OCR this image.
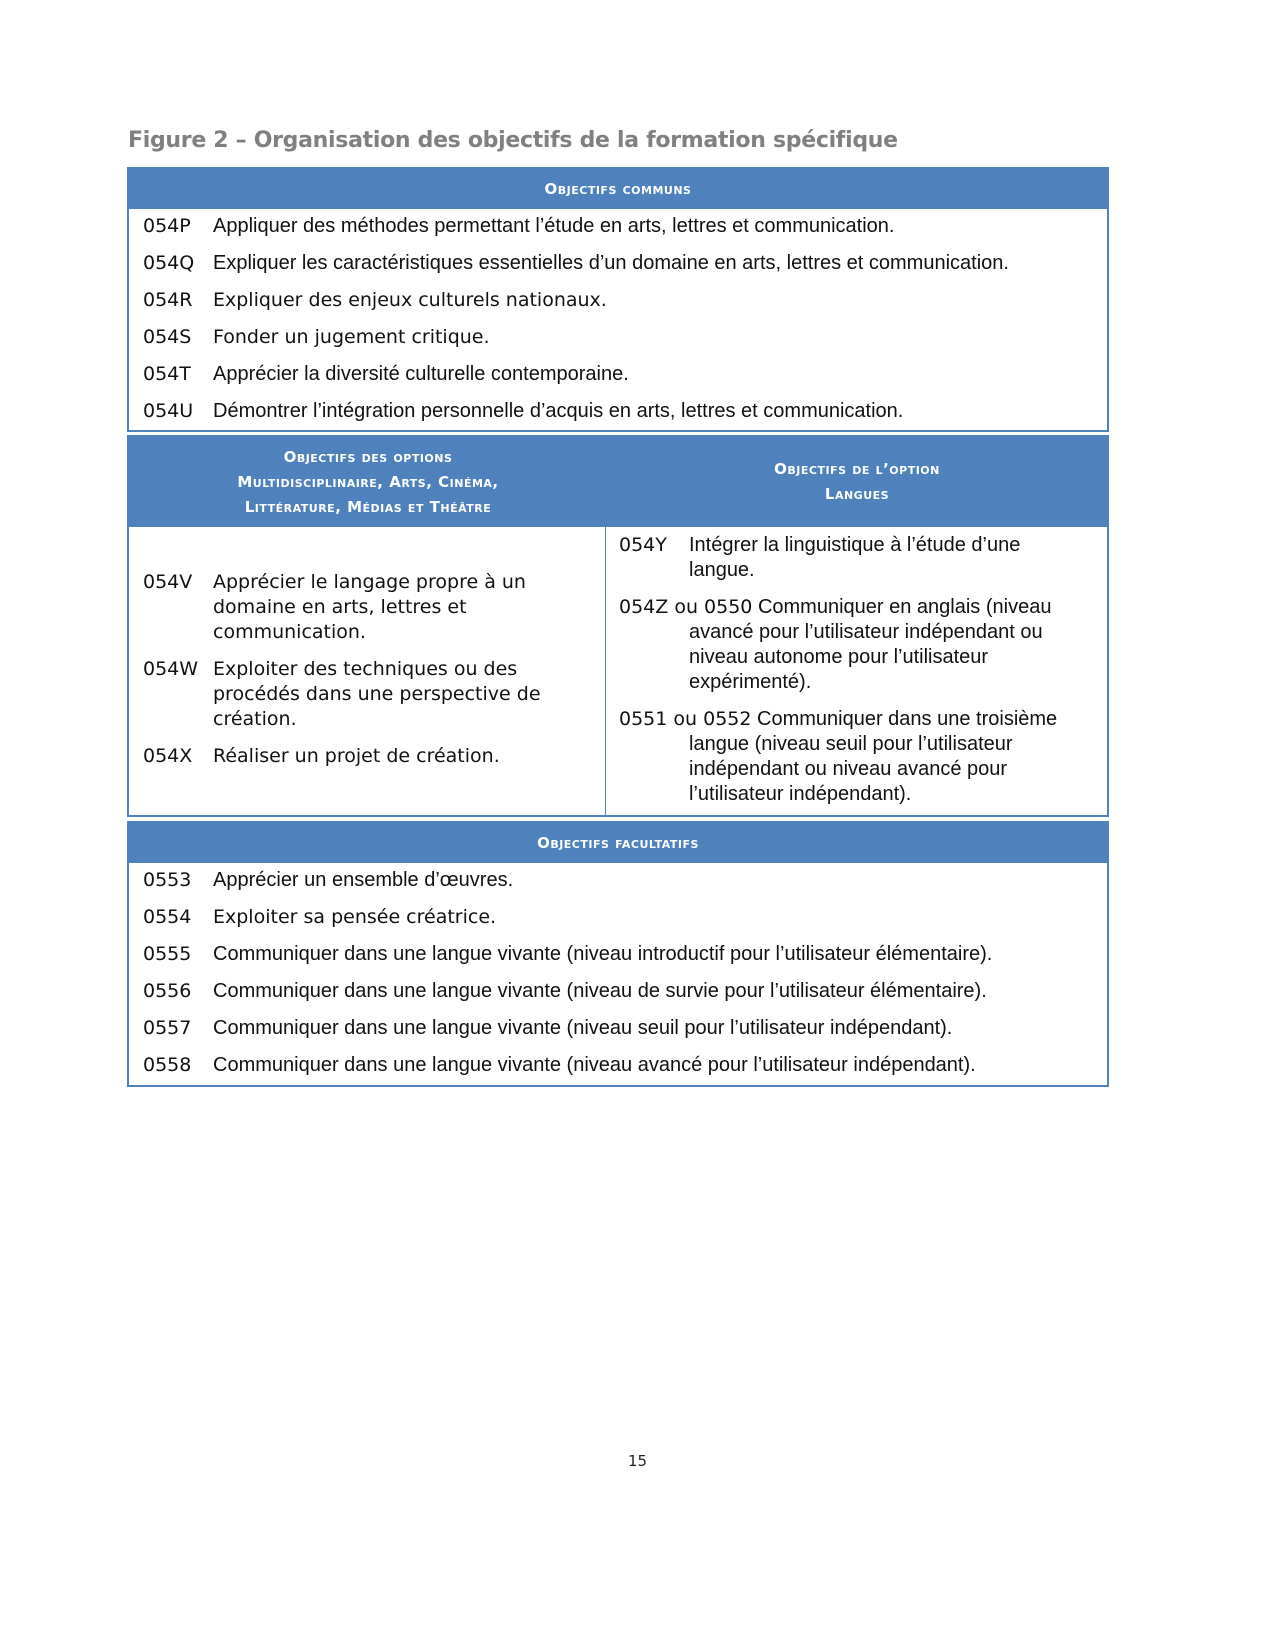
Figure 2 – Organisation des objectifs de la formation spécifique
Objectifs communs
054P	Appliquer des méthodes permettant l’étude en arts, lettres et communication.
054Q Expliquer les caractéristiques essentielles d’un domaine en arts, lettres et communication.
054R	Expliquer des enjeux culturels nationaux.
054S	Fonder un jugement critique.
054T	Apprécier la diversité culturelle contemporaine.
054U Démontrer l’intégration personnelle d’acquis en arts, lettres et communication.
Objectifs des options
Multidisciplinaire, Arts, Cinéma,
Littérature, Médias et Théâtre
Objectifs de l’option
Langues
054V	Apprécier le langage propre à un domaine en arts, lettres et communication.
054W Exploiter des techniques ou des procédés dans une perspective de création.
054X	Réaliser un projet de création.
054Y	Intégrer la linguistique à l’étude d’une langue.
054Z ou 0550 Communiquer en anglais (niveau avancé pour l’utilisateur indépendant ou niveau autonome pour l’utilisateur expérimenté).
0551 ou 0552 Communiquer dans une troisième langue (niveau seuil pour l’utilisateur indépendant ou niveau avancé pour l’utilisateur indépendant).
Objectifs facultatifs
0553	Apprécier un ensemble d’œuvres.
0554	Exploiter sa pensée créatrice.
0555	Communiquer dans une langue vivante (niveau introductif pour l’utilisateur élémentaire).
0556	Communiquer dans une langue vivante (niveau de survie pour l’utilisateur élémentaire).
0557	Communiquer dans une langue vivante (niveau seuil pour l’utilisateur indépendant).
0558	Communiquer dans une langue vivante (niveau avancé pour l’utilisateur indépendant).
15
